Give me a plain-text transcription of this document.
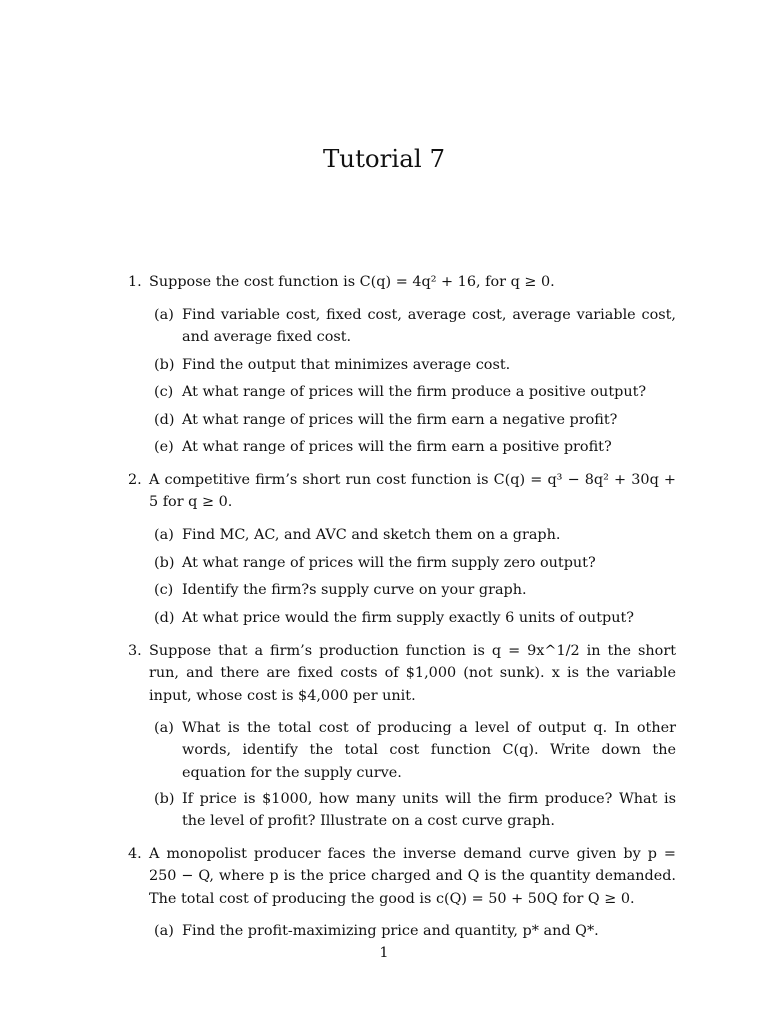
Tutorial 7
1. Suppose the cost function is C(q) = 4q² + 16, for q ≥ 0.
(a) Find variable cost, fixed cost, average cost, average variable cost, and average fixed cost.
(b) Find the output that minimizes average cost.
(c) At what range of prices will the firm produce a positive output?
(d) At what range of prices will the firm earn a negative profit?
(e) At what range of prices will the firm earn a positive profit?
2. A competitive firm’s short run cost function is C(q) = q³ − 8q² + 30q + 5 for q ≥ 0.
(a) Find MC, AC, and AVC and sketch them on a graph.
(b) At what range of prices will the firm supply zero output?
(c) Identify the firm?s supply curve on your graph.
(d) At what price would the firm supply exactly 6 units of output?
3. Suppose that a firm’s production function is q = 9x^1/2 in the short run, and there are fixed costs of $1,000 (not sunk). x is the variable input, whose cost is $4,000 per unit.
(a) What is the total cost of producing a level of output q. In other words, identify the total cost function C(q). Write down the equation for the supply curve.
(b) If price is $1000, how many units will the firm produce? What is the level of profit? Illustrate on a cost curve graph.
4. A monopolist producer faces the inverse demand curve given by p = 250 − Q, where p is the price charged and Q is the quantity demanded. The total cost of producing the good is c(Q) = 50 + 50Q for Q ≥ 0.
(a) Find the profit-maximizing price and quantity, p* and Q*.
1
